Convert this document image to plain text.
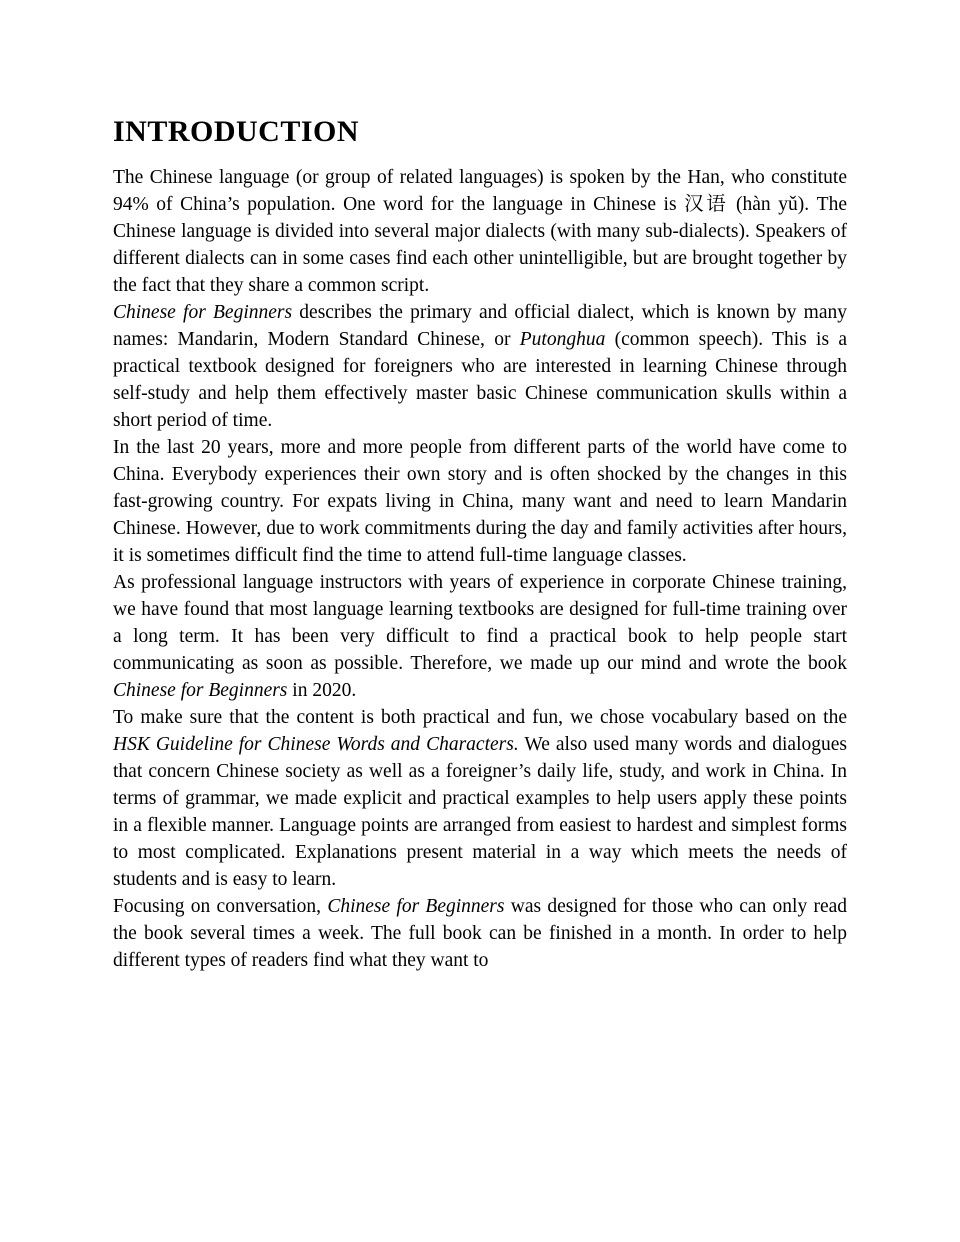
INTRODUCTION

The Chinese language (or group of related languages) is spoken by the Han, who constitute 94% of China’s population. One word for the language in Chinese is 汉语 (hàn yǔ). The Chinese language is divided into several major dialects (with many sub-dialects). Speakers of different dialects can in some cases find each other unintelligible, but are brought together by the fact that they share a common script.

Chinese for Beginners describes the primary and official dialect, which is known by many names: Mandarin, Modern Standard Chinese, or Putonghua (common speech). This is a practical textbook designed for foreigners who are interested in learning Chinese through self-study and help them effectively master basic Chinese communication skulls within a short period of time.

In the last 20 years, more and more people from different parts of the world have come to China. Everybody experiences their own story and is often shocked by the changes in this fast-growing country. For expats living in China, many want and need to learn Mandarin Chinese. However, due to work commitments during the day and family activities after hours, it is sometimes difficult find the time to attend full-time language classes.

As professional language instructors with years of experience in corporate Chinese training, we have found that most language learning textbooks are designed for full-time training over a long term. It has been very difficult to find a practical book to help people start communicating as soon as possible. Therefore, we made up our mind and wrote the book Chinese for Beginners in 2020.

To make sure that the content is both practical and fun, we chose vocabulary based on the HSK Guideline for Chinese Words and Characters. We also used many words and dialogues that concern Chinese society as well as a foreigner’s daily life, study, and work in China. In terms of grammar, we made explicit and practical examples to help users apply these points in a flexible manner. Language points are arranged from easiest to hardest and simplest forms to most complicated. Explanations present material in a way which meets the needs of students and is easy to learn.

Focusing on conversation, Chinese for Beginners was designed for those who can only read the book several times a week. The full book can be finished in a month. In order to help different types of readers find what they want to
